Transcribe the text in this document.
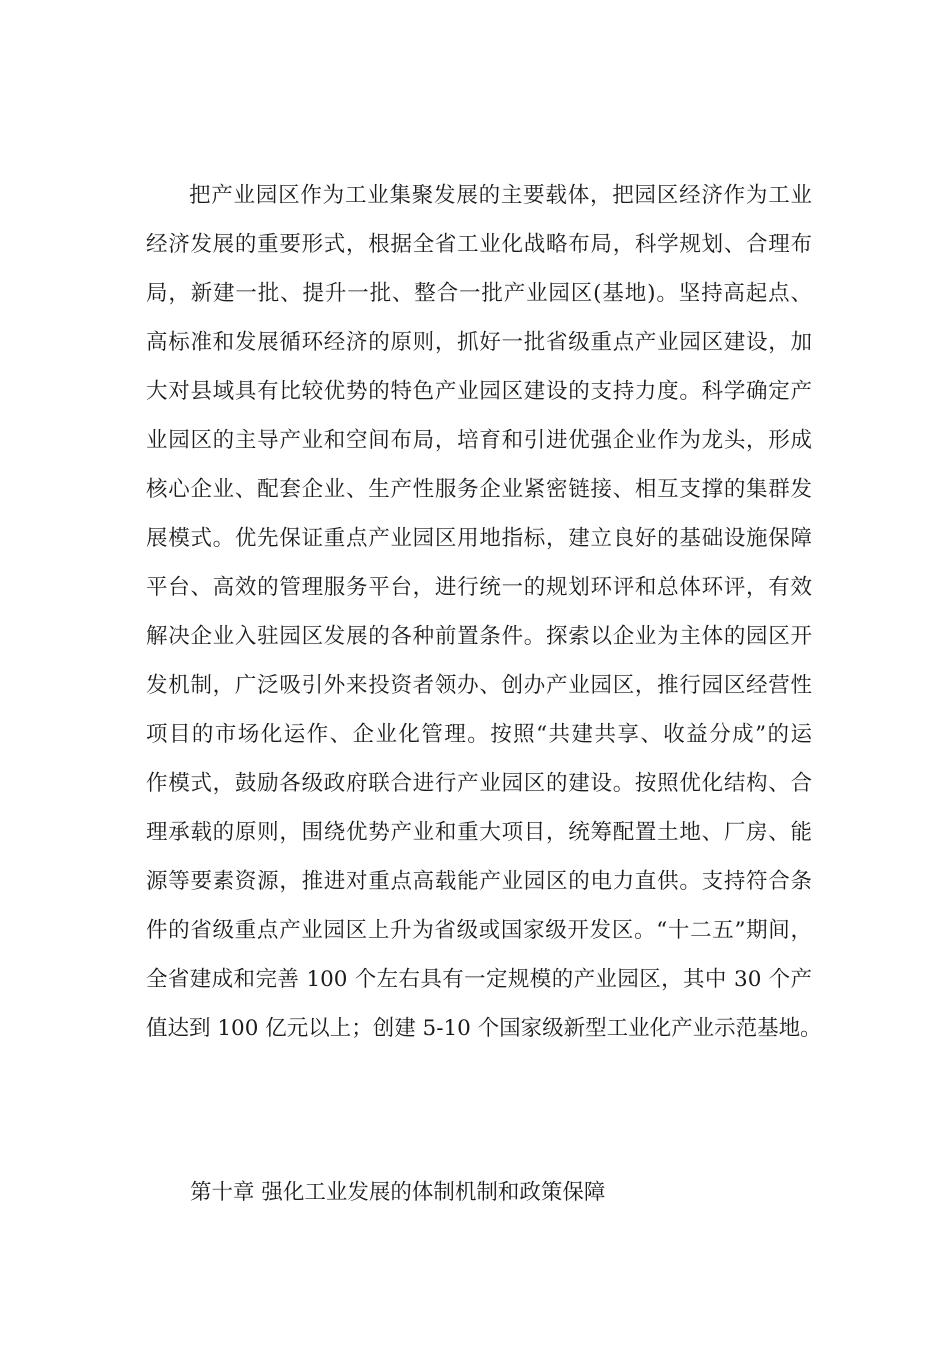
把产业园区作为工业集聚发展的主要载体，把园区经济作为工业
经济发展的重要形式，根据全省工业化战略布局，科学规划、合理布
局，新建一批、提升一批、整合一批产业园区(基地)。坚持高起点、
高标准和发展循环经济的原则，抓好一批省级重点产业园区建设，加
大对县域具有比较优势的特色产业园区建设的支持力度。科学确定产
业园区的主导产业和空间布局，培育和引进优强企业作为龙头，形成
核心企业、配套企业、生产性服务企业紧密链接、相互支撑的集群发
展模式。优先保证重点产业园区用地指标，建立良好的基础设施保障
平台、高效的管理服务平台，进行统一的规划环评和总体环评，有效
解决企业入驻园区发展的各种前置条件。探索以企业为主体的园区开
发机制，广泛吸引外来投资者领办、创办产业园区，推行园区经营性
项目的市场化运作、企业化管理。按照“共建共享、收益分成”的运
作模式，鼓励各级政府联合进行产业园区的建设。按照优化结构、合
理承载的原则，围绕优势产业和重大项目，统筹配置土地、厂房、能
源等要素资源，推进对重点高载能产业园区的电力直供。支持符合条
件的省级重点产业园区上升为省级或国家级开发区。“十二五”期间，
全省建成和完善 100 个左右具有一定规模的产业园区，其中 30 个产
值达到 100 亿元以上；创建 5-10 个国家级新型工业化产业示范基地。
第十章 强化工业发展的体制机制和政策保障
